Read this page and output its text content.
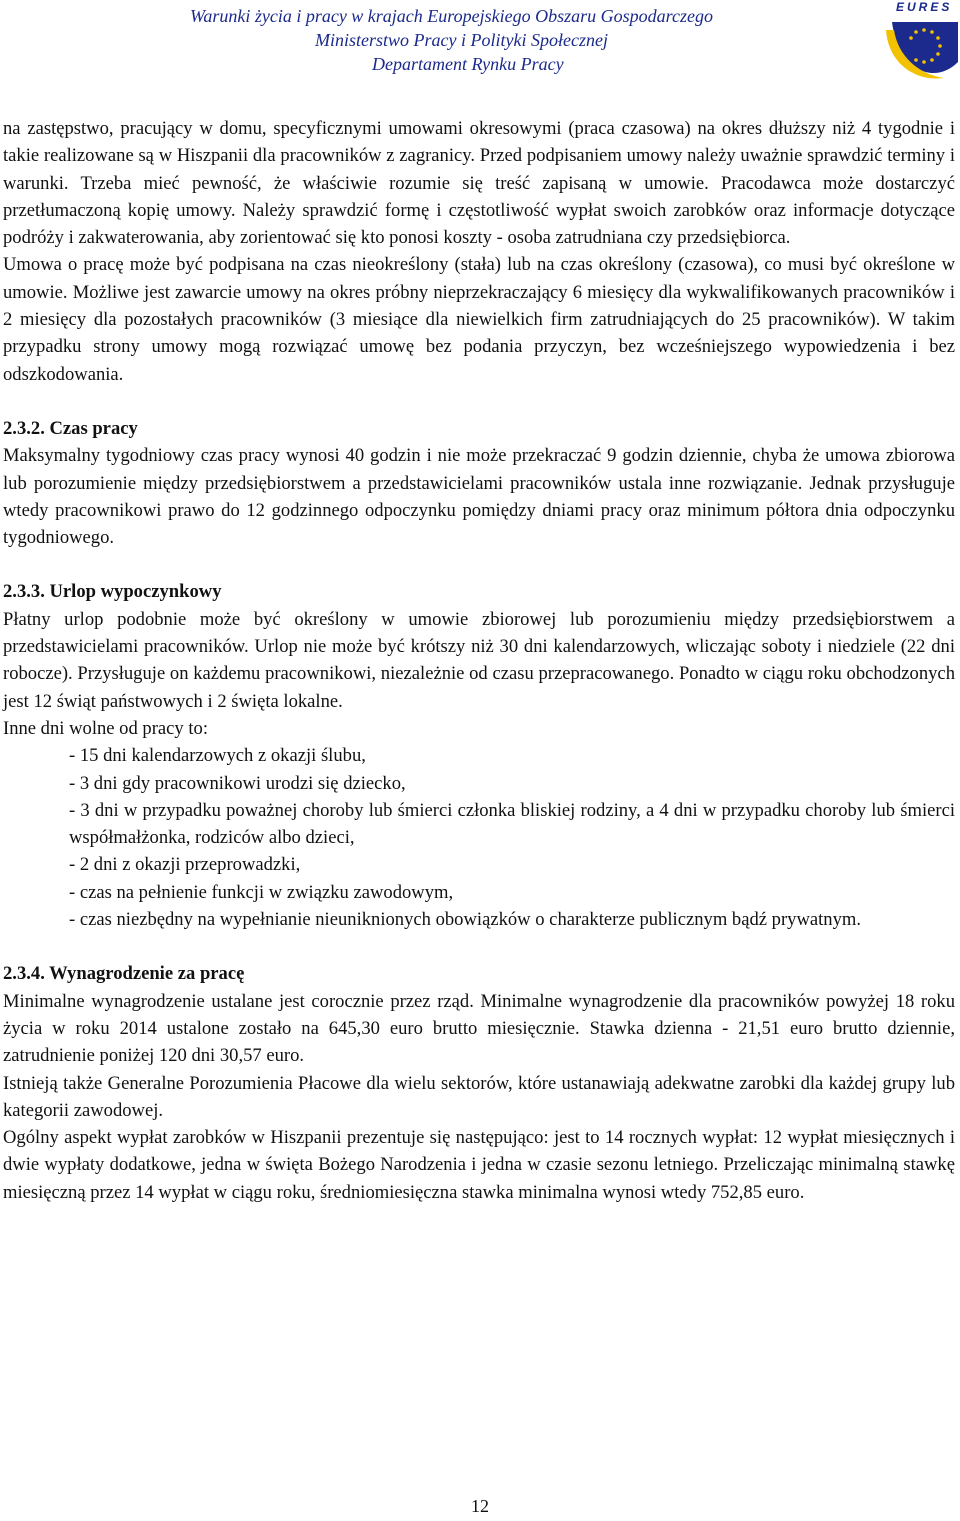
Warunki życia i pracy w krajach Europejskiego Obszaru Gospodarczego
Ministerstwo Pracy i Polityki Społecznej
Departament Rynku Pracy
EURES

na zastępstwo, pracujący w domu, specyficznymi umowami okresowymi (praca czasowa) na okres dłuższy niż 4 tygodnie i takie realizowane są w Hiszpanii dla pracowników z zagranicy. Przed podpisaniem umowy należy uważnie sprawdzić terminy i warunki. Trzeba mieć pewność, że właściwie rozumie się treść zapisaną w umowie. Pracodawca może dostarczyć przetłumaczoną kopię umowy. Należy sprawdzić formę i częstotliwość wypłat swoich zarobków oraz informacje dotyczące podróży i zakwaterowania, aby zorientować się kto ponosi koszty - osoba zatrudniana czy przedsiębiorca.

Umowa o pracę może być podpisana na czas nieokreślony (stała) lub na czas określony (czasowa), co musi być określone w umowie. Możliwe jest zawarcie umowy na okres próbny nieprzekraczający 6 miesięcy dla wykwalifikowanych pracowników i 2 miesięcy dla pozostałych pracowników (3 miesiące dla niewielkich firm zatrudniających do 25 pracowników). W takim przypadku strony umowy mogą rozwiązać umowę bez podania przyczyn, bez wcześniejszego wypowiedzenia i bez odszkodowania.

2.3.2. Czas pracy

Maksymalny tygodniowy czas pracy wynosi 40 godzin i nie może przekraczać 9 godzin dziennie, chyba że umowa zbiorowa lub porozumienie między przedsiębiorstwem a przedstawicielami pracowników ustala inne rozwiązanie. Jednak przysługuje wtedy pracownikowi prawo do 12 godzinnego odpoczynku pomiędzy dniami pracy oraz minimum półtora dnia odpoczynku tygodniowego.

2.3.3. Urlop wypoczynkowy

Płatny urlop podobnie może być określony w umowie zbiorowej lub porozumieniu między przedsiębiorstwem a przedstawicielami pracowników. Urlop nie może być krótszy niż 30 dni kalendarzowych, wliczając soboty i niedziele (22 dni robocze). Przysługuje on każdemu pracownikowi, niezależnie od czasu przepracowanego. Ponadto w ciągu roku obchodzonych jest 12 świąt państwowych i 2 święta lokalne.

Inne dni wolne od pracy to:

- 15 dni kalendarzowych z okazji ślubu,
- 3 dni gdy pracownikowi urodzi się dziecko,
- 3 dni w przypadku poważnej choroby lub śmierci członka bliskiej rodziny, a 4 dni w przypadku choroby lub śmierci współmałżonka, rodziców albo dzieci,
- 2 dni z okazji przeprowadzki,
- czas na pełnienie funkcji w związku zawodowym,
- czas niezbędny na wypełnianie nieuniknionych obowiązków o charakterze publicznym bądź prywatnym.
2.3.4. Wynagrodzenie za pracę

Minimalne wynagrodzenie ustalane jest corocznie przez rząd. Minimalne wynagrodzenie dla pracowników powyżej 18 roku życia w roku 2014 ustalone zostało na 645,30 euro brutto miesięcznie. Stawka dzienna - 21,51 euro brutto dziennie, zatrudnienie poniżej 120 dni 30,57 euro.

Istnieją także Generalne Porozumienia Płacowe dla wielu sektorów, które ustanawiają adekwatne zarobki dla każdej grupy lub kategorii zawodowej.

Ogólny aspekt wypłat zarobków w Hiszpanii prezentuje się następująco: jest to 14 rocznych wypłat: 12 wypłat miesięcznych i dwie wypłaty dodatkowe, jedna w święta Bożego Narodzenia i jedna w czasie sezonu letniego. Przeliczając minimalną stawkę miesięczną przez 14 wypłat w ciągu roku, średniomiesięczna stawka minimalna wynosi wtedy 752,85 euro.

12
